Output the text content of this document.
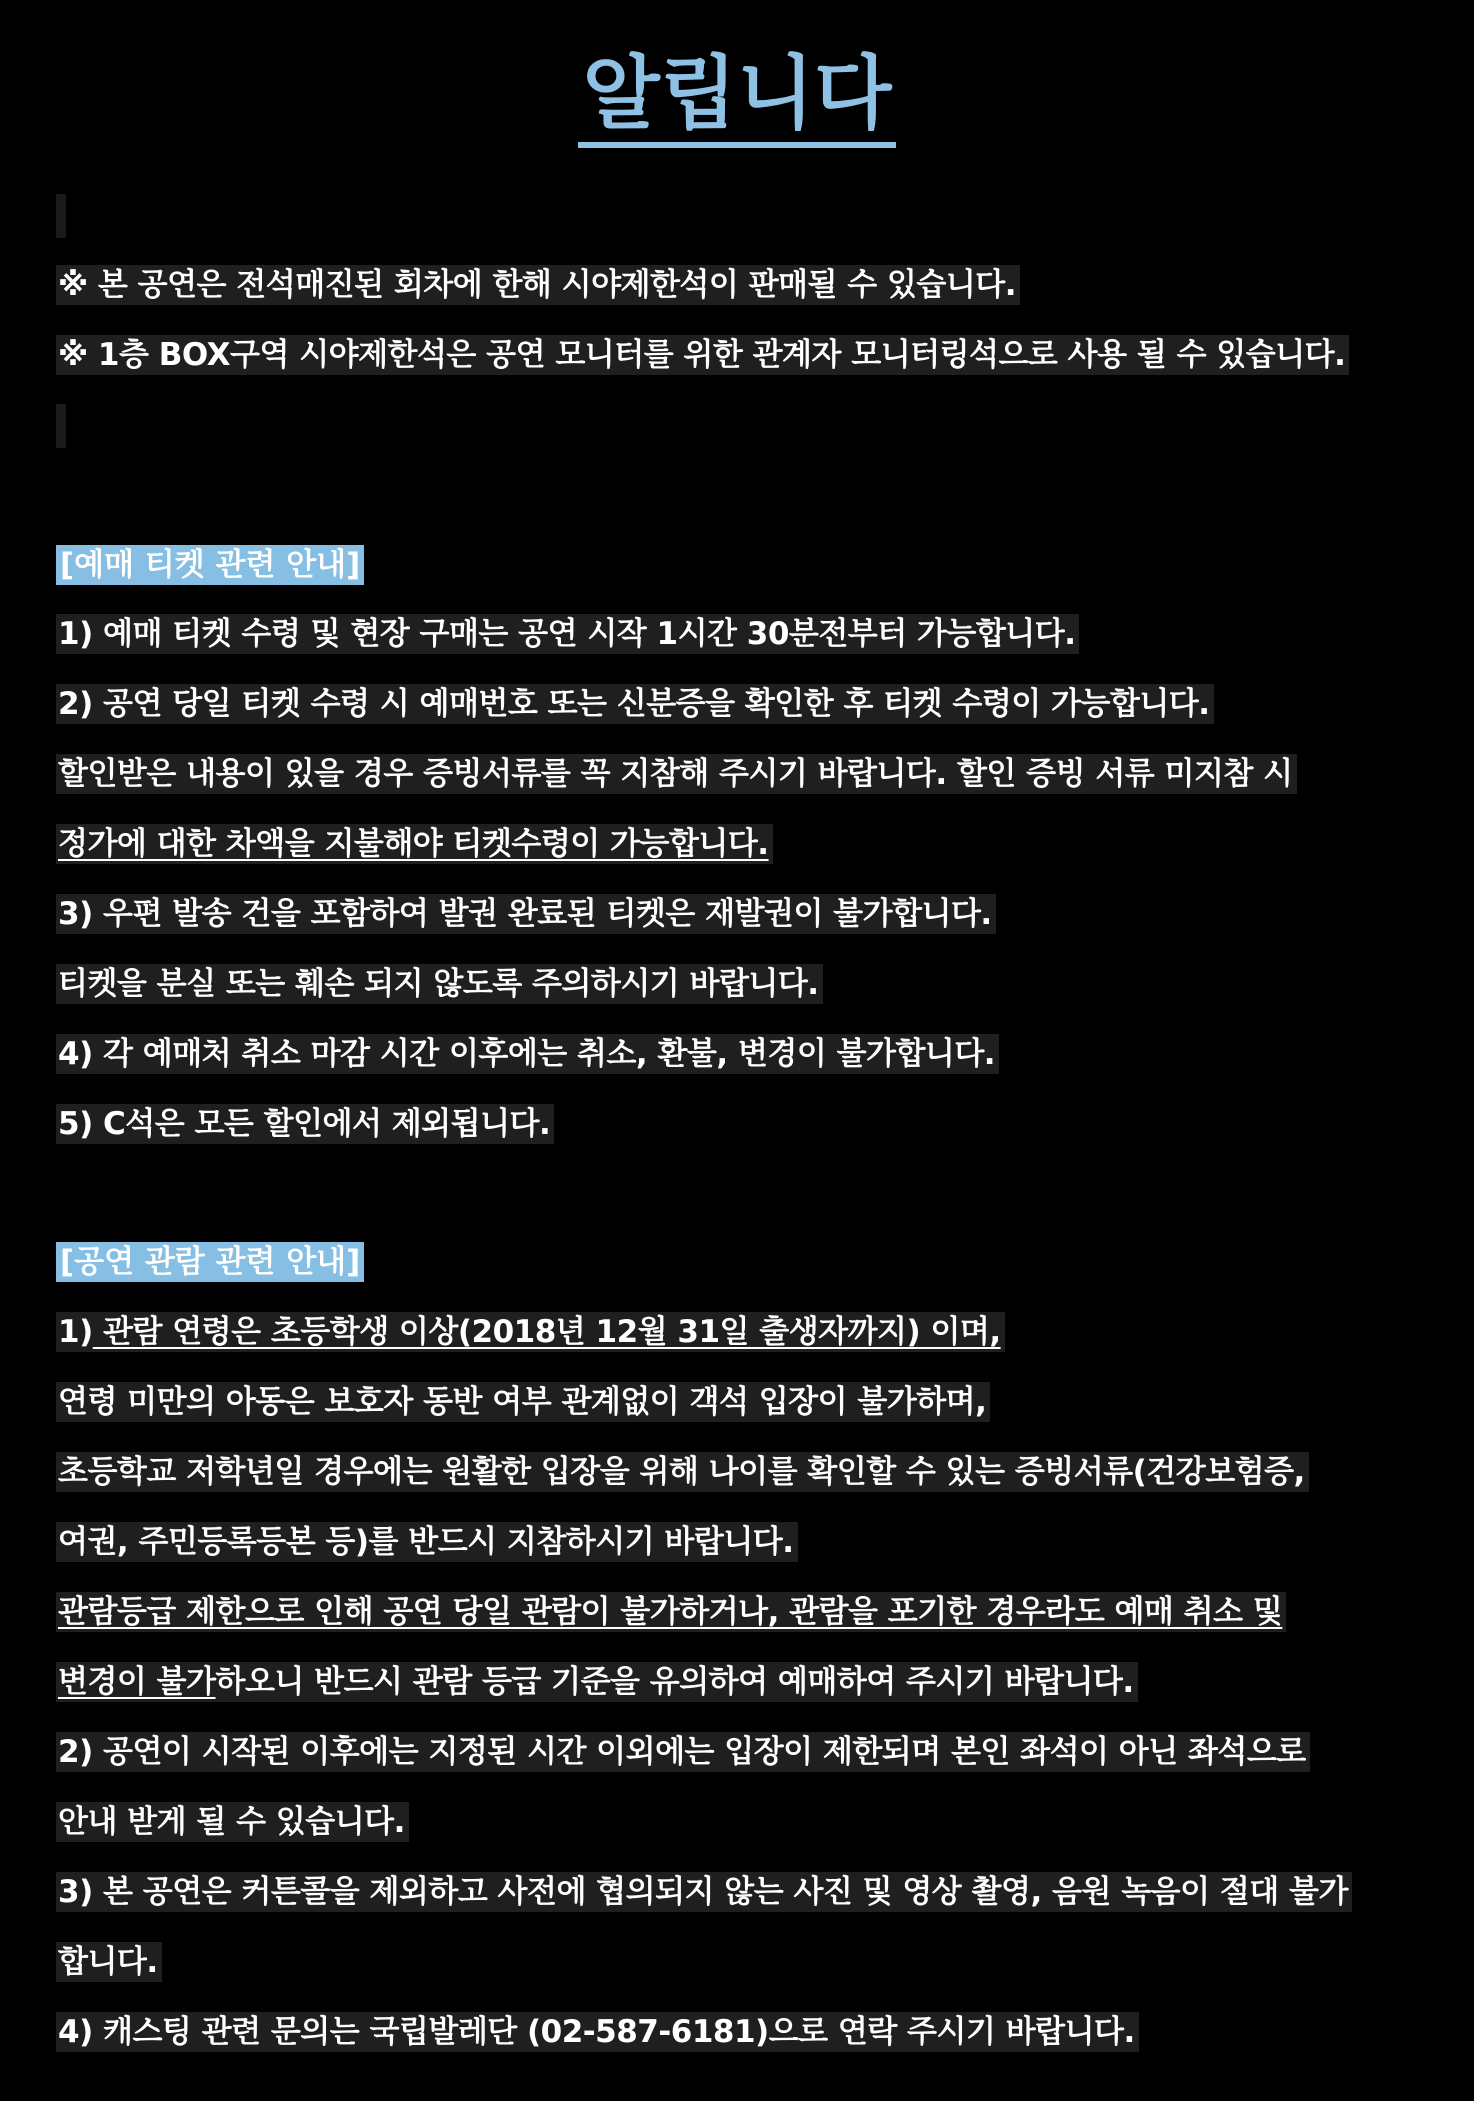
알립니다
※ 본 공연은 전석매진된 회차에 한해 시야제한석이 판매될 수 있습니다.
※ 1층 BOX구역 시야제한석은 공연 모니터를 위한 관계자 모니터링석으로 사용 될 수 있습니다.
[예매 티켓 관련 안내]
1) 예매 티켓 수령 및 현장 구매는 공연 시작 1시간 30분전부터 가능합니다.
2) 공연 당일 티켓 수령 시 예매번호 또는 신분증을 확인한 후 티켓 수령이 가능합니다.
할인받은 내용이 있을 경우 증빙서류를 꼭 지참해 주시기 바랍니다. 할인 증빙 서류 미지참 시
정가에 대한 차액을 지불해야 티켓수령이 가능합니다.
3) 우편 발송 건을 포함하여 발권 완료된 티켓은 재발권이 불가합니다.
티켓을 분실 또는 훼손 되지 않도록 주의하시기 바랍니다.
4) 각 예매처 취소 마감 시간 이후에는 취소, 환불, 변경이 불가합니다.
5) C석은 모든 할인에서 제외됩니다.
[공연 관람 관련 안내]
1) 관람 연령은 초등학생 이상(2018년 12월 31일 출생자까지) 이며,
연령 미만의 아동은 보호자 동반 여부 관계없이 객석 입장이 불가하며,
초등학교 저학년일 경우에는 원활한 입장을 위해 나이를 확인할 수 있는 증빙서류(건강보험증,
여권, 주민등록등본 등)를 반드시 지참하시기 바랍니다.
관람등급 제한으로 인해 공연 당일 관람이 불가하거나, 관람을 포기한 경우라도 예매 취소 및
변경이 불가하오니 반드시 관람 등급 기준을 유의하여 예매하여 주시기 바랍니다.
2) 공연이 시작된 이후에는 지정된 시간 이외에는 입장이 제한되며 본인 좌석이 아닌 좌석으로
안내 받게 될 수 있습니다.
3) 본 공연은 커튼콜을 제외하고 사전에 협의되지 않는 사진 및 영상 촬영, 음원 녹음이 절대 불가
합니다.
4) 캐스팅 관련 문의는 국립발레단 (02-587-6181)으로 연락 주시기 바랍니다.
